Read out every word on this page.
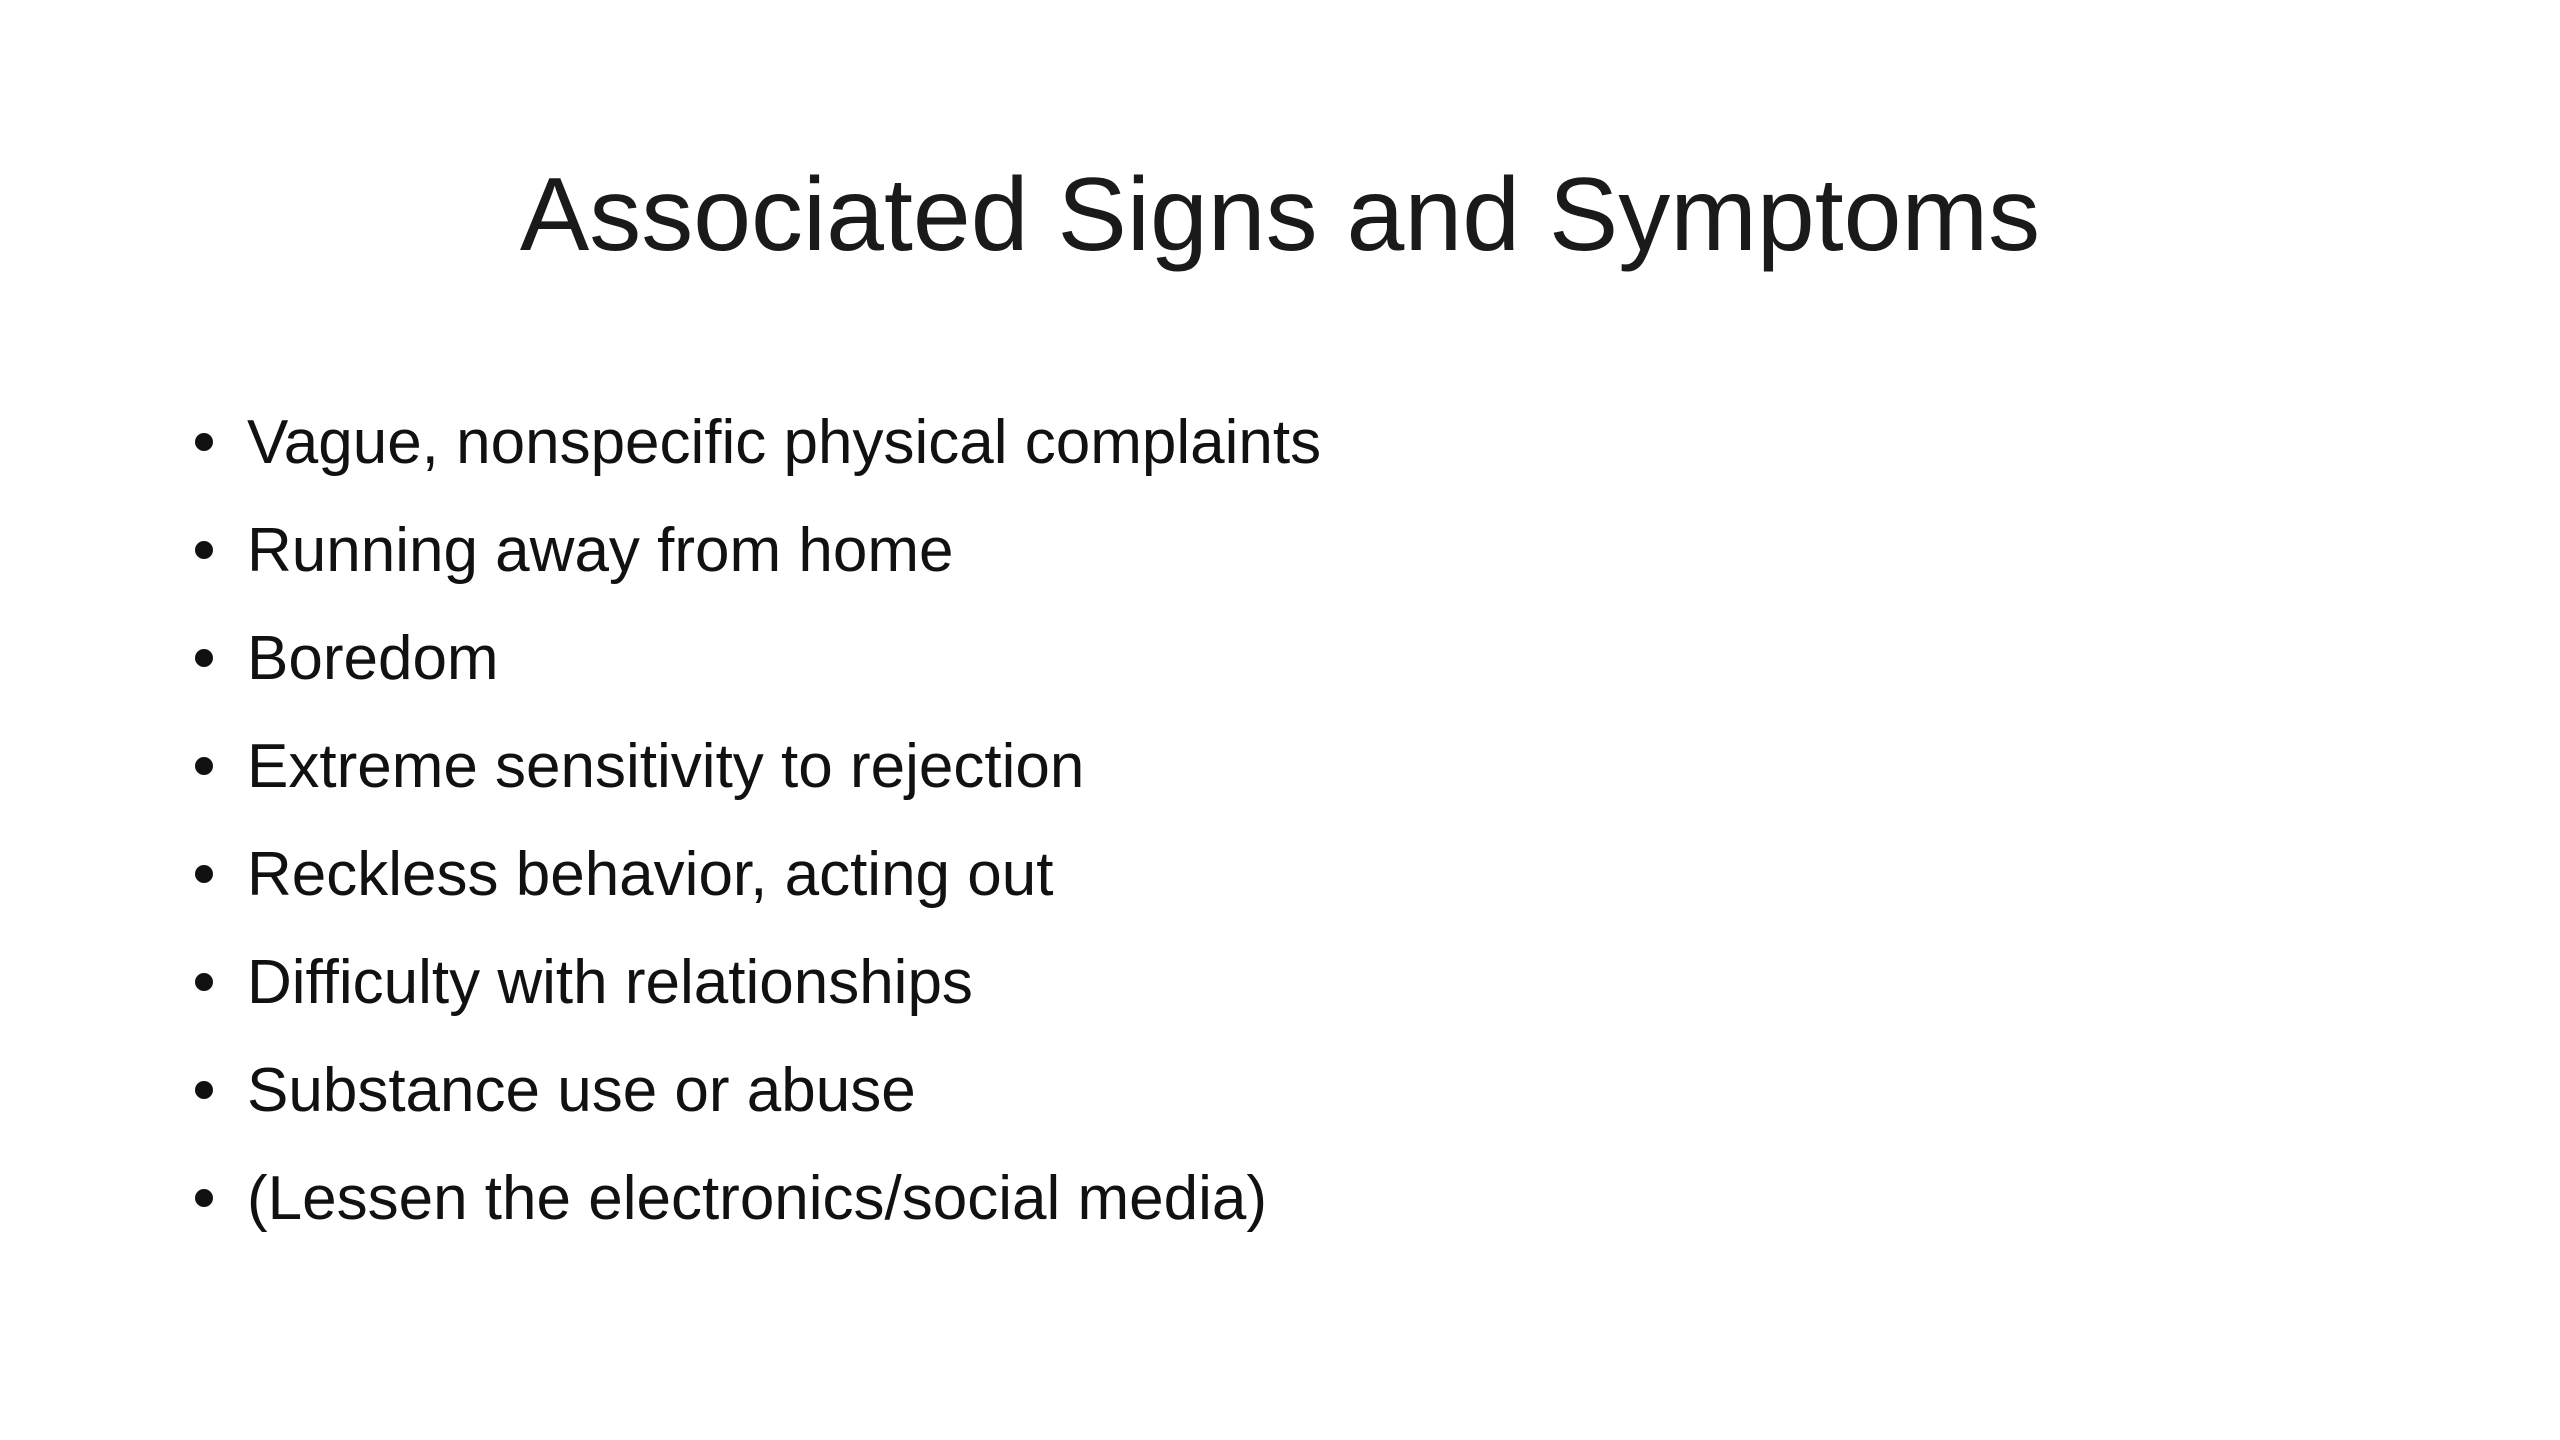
Associated Signs and Symptoms
Vague, nonspecific physical complaints
Running away from home
Boredom
Extreme sensitivity to rejection
Reckless behavior, acting out
Difficulty with relationships
Substance use or abuse
(Lessen the electronics/social media)
